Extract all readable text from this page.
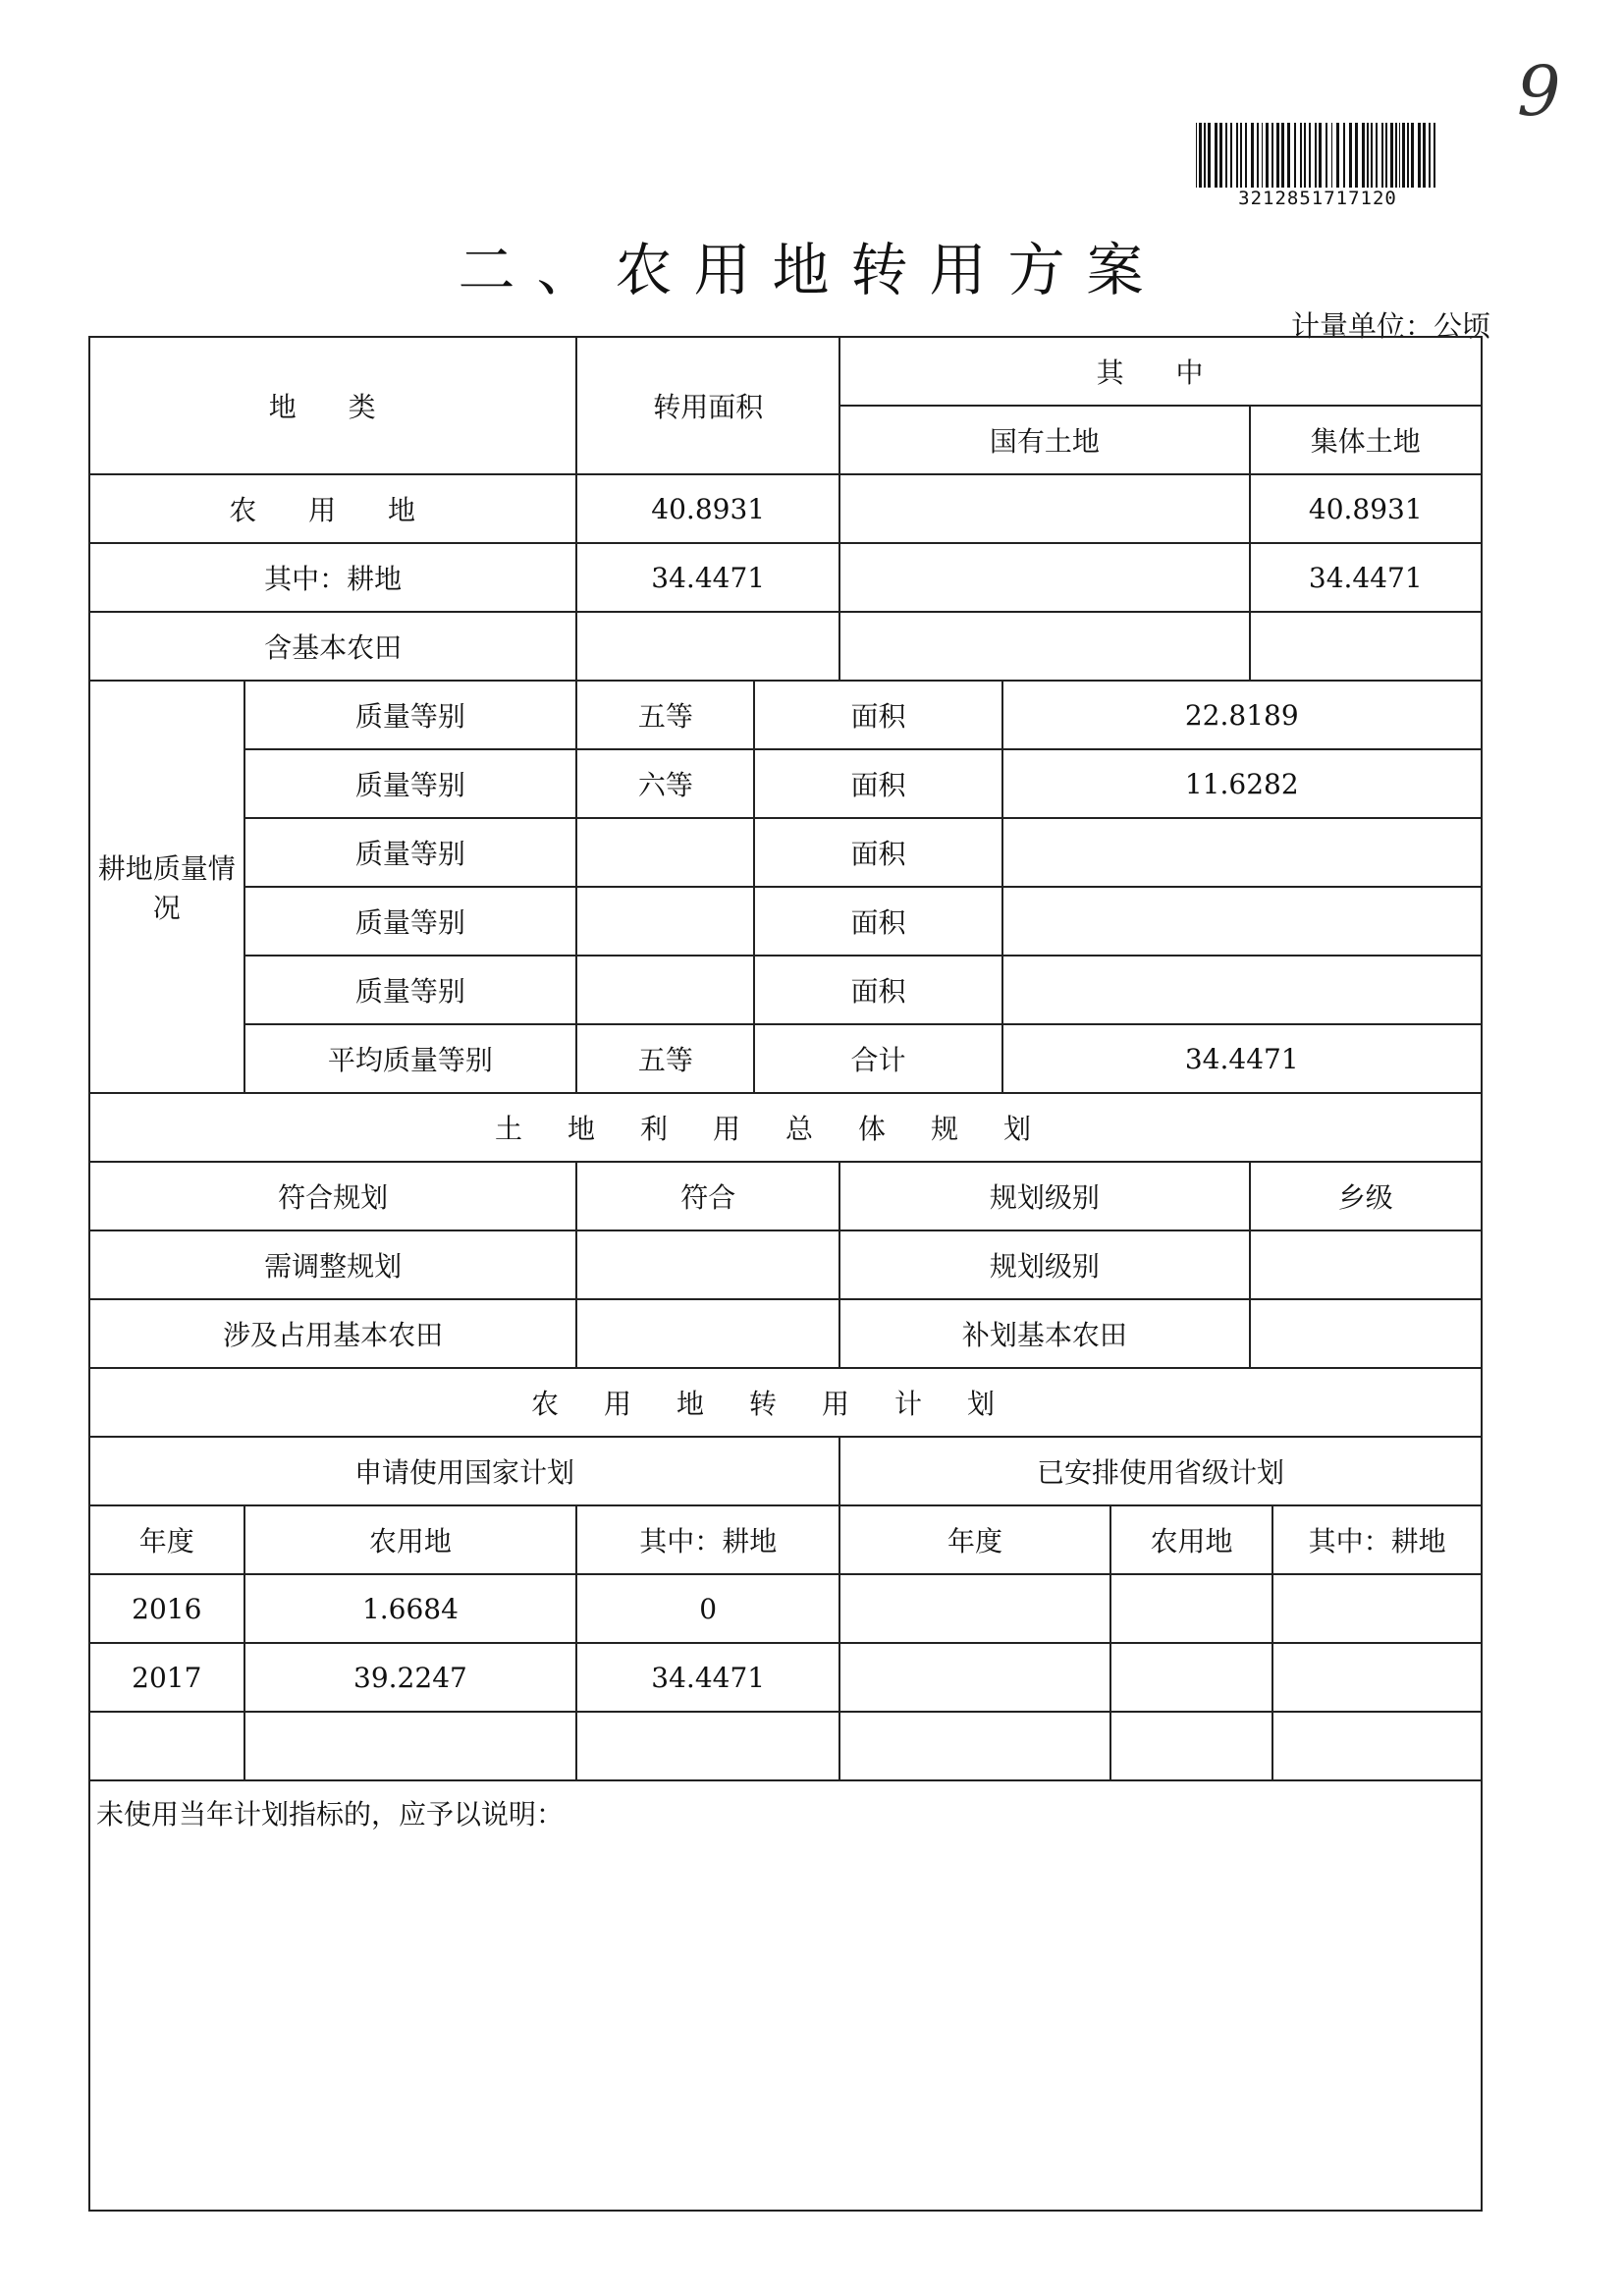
9
3212851717120
二、农用地转用方案
计量单位：公顷
地 类		转用面积		其 中				
				国有土地			集体土地	
农 用 地		40.8931					40.8931	
其中：耕地		34.4471					34.4471	
含基本农田								
耕地质量情况	质量等别	五等	面积		22.8189			
	质量等别	六等	面积		11.6282			
	质量等别		面积					
	质量等别		面积					
	质量等别		面积					
	平均质量等别	五等	合计		34.4471			
土地利用总体规划								
符合规划		符合		规划级别			乡级	
需调整规划				规划级别				
涉及占用基本农田				补划基本农田				
农用地转用计划								
申请使用国家计划				已安排使用省级计划				
年度	农用地	其中：耕地		年度		农用地		其中：耕地
2016	1.6684	0						
2017	39.2247	34.4471						

未使用当年计划指标的，应予以说明：								
